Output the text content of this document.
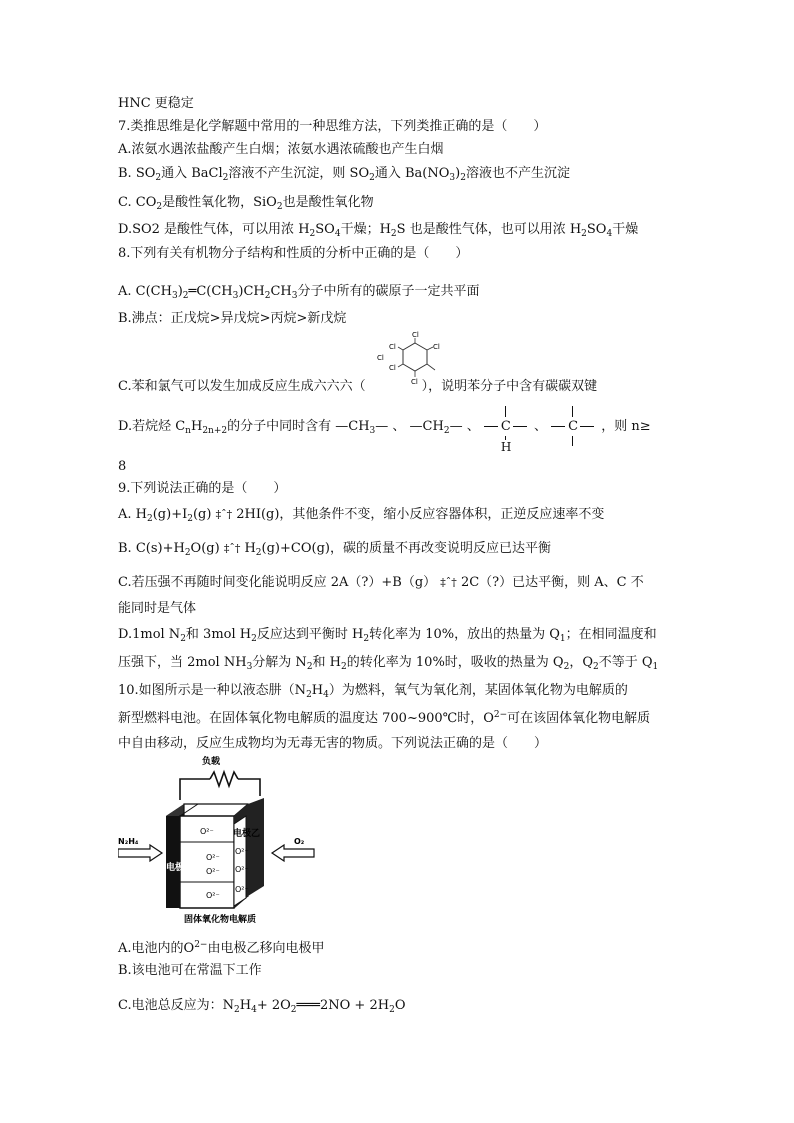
HNC 更稳定
7.类推思维是化学解题中常用的一种思维方法，下列类推正确的是（　　）
A.浓氨水遇浓盐酸产生白烟；浓氨水遇浓硫酸也产生白烟
B. $SO_2$通入 BaCl$_2$溶液不产生沉淀，则 $SO_2$通入 $Ba(NO_3)_2$溶液也不产生沉淀
C. $CO_2$是酸性氧化物，SiO$_2$也是酸性氧化物
D.SO2 是酸性气体，可以用浓 $H_2SO_4$干燥；$H_2S$ 也是酸性气体，也可以用浓 $H_2SO_4$干燥
8.下列有关有机物分子结构和性质的分析中正确的是（　　）
A. $C(CH_3)_2═C(CH_3)CH_2CH_3$分子中所有的碳原子一定共平面
B.沸点：正戊烷>异戊烷>丙烷>新戊烷
Cl
Cl
Cl
Cl
Cl
Cl
C.苯和氯气可以发生加成反应生成六六六（	），说明苯分子中含有碳碳双键
D.若烷烃 $C_nH_{2n+2}$的分子中同时含有 $—CH_3—$ 、 $—CH_2—$ 、 C
H
、 C ，则 n≥
8
9.下列说法正确的是（　　）
A. $H_2(g)+I_2(g)$ ‡ˆ† 2HI(g)，其他条件不变，缩小反应容器体积，正逆反应速率不变
B. $C(s)+H_2O(g)$ ‡ˆ† $H_2(g)+CO(g)$，碳的质量不再改变说明反应已达平衡
C.若压强不再随时间变化能说明反应 2A（?）+B（g） ‡ˆ† 2C（?）已达平衡，则 A、C 不
能同时是气体
D.1mol $N_2$和 3mol $H_2$反应达到平衡时 $H_2$转化率为 10%，放出的热量为 $Q_1$；在相同温度和
压强下，当 2mol $NH_3$分解为 $N_2$和 $H_2$的转化率为 10%时，吸收的热量为 $Q_2$，$Q_2$不等于 $Q_1$
10.如图所示是一种以液态肼$(N_2H_4)$为燃料，氧气为氧化剂，某固体氧化物为电解质的
新型燃料电池。在固体氧化物电解质的温度达 700~900℃时，$O^{2-}$可在该固体氧化物电解质
中自由移动，反应生成物均为无毒无害的物质。下列说法正确的是（　　）
负载
O²⁻
O²⁻
O²⁻
O²⁻
O²⁻
O²⁻
O²⁻
电极乙
电极甲
N₂H₄	O₂
固体氧化物电解质
A.电池内的$O^{2-}$由电极乙移向电极甲
B.该电池可在常温下工作
C.电池总反应为：$N_2H_4+$ $2O_2═══2NO + 2H_2O$
